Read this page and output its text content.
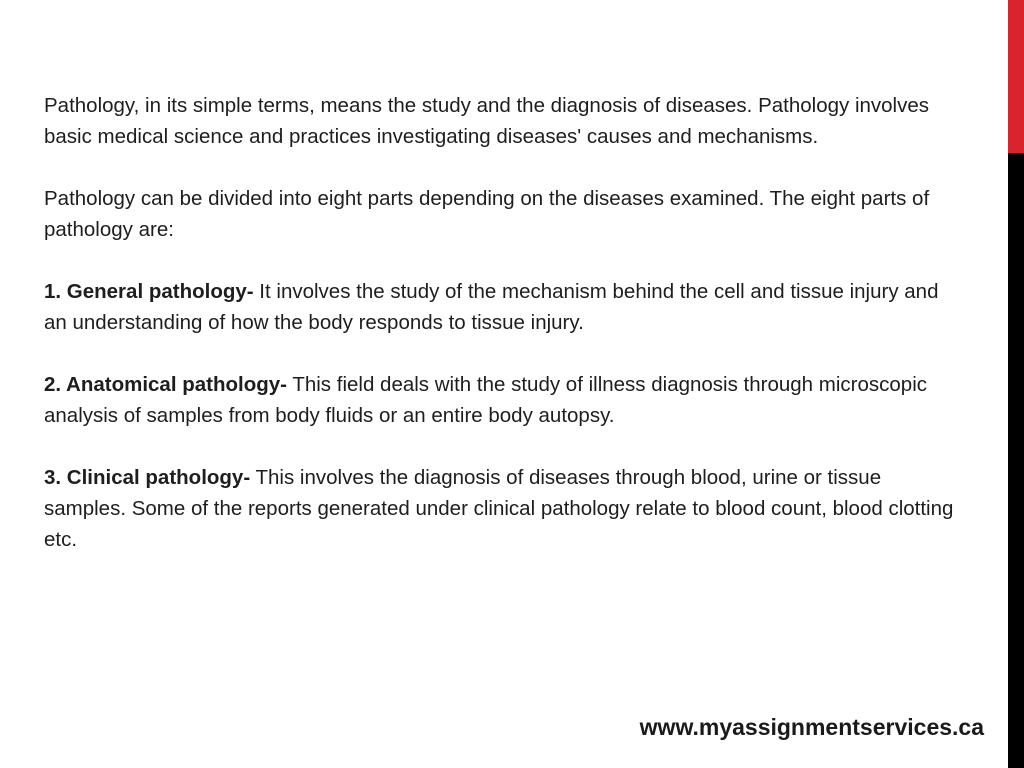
Pathology, in its simple terms, means the study and the diagnosis of diseases. Pathology involves basic medical science and practices investigating diseases' causes and mechanisms.

Pathology can be divided into eight parts depending on the diseases examined. The eight parts of pathology are:

1. General pathology- It involves the study of the mechanism behind the cell and tissue injury and an understanding of how the body responds to tissue injury.

2. Anatomical pathology- This field deals with the study of illness diagnosis through microscopic analysis of samples from body fluids or an entire body autopsy.

3. Clinical pathology- This involves the diagnosis of diseases through blood, urine or tissue samples. Some of the reports generated under clinical pathology relate to blood count, blood clotting etc.

www.myassignmentservices.ca
